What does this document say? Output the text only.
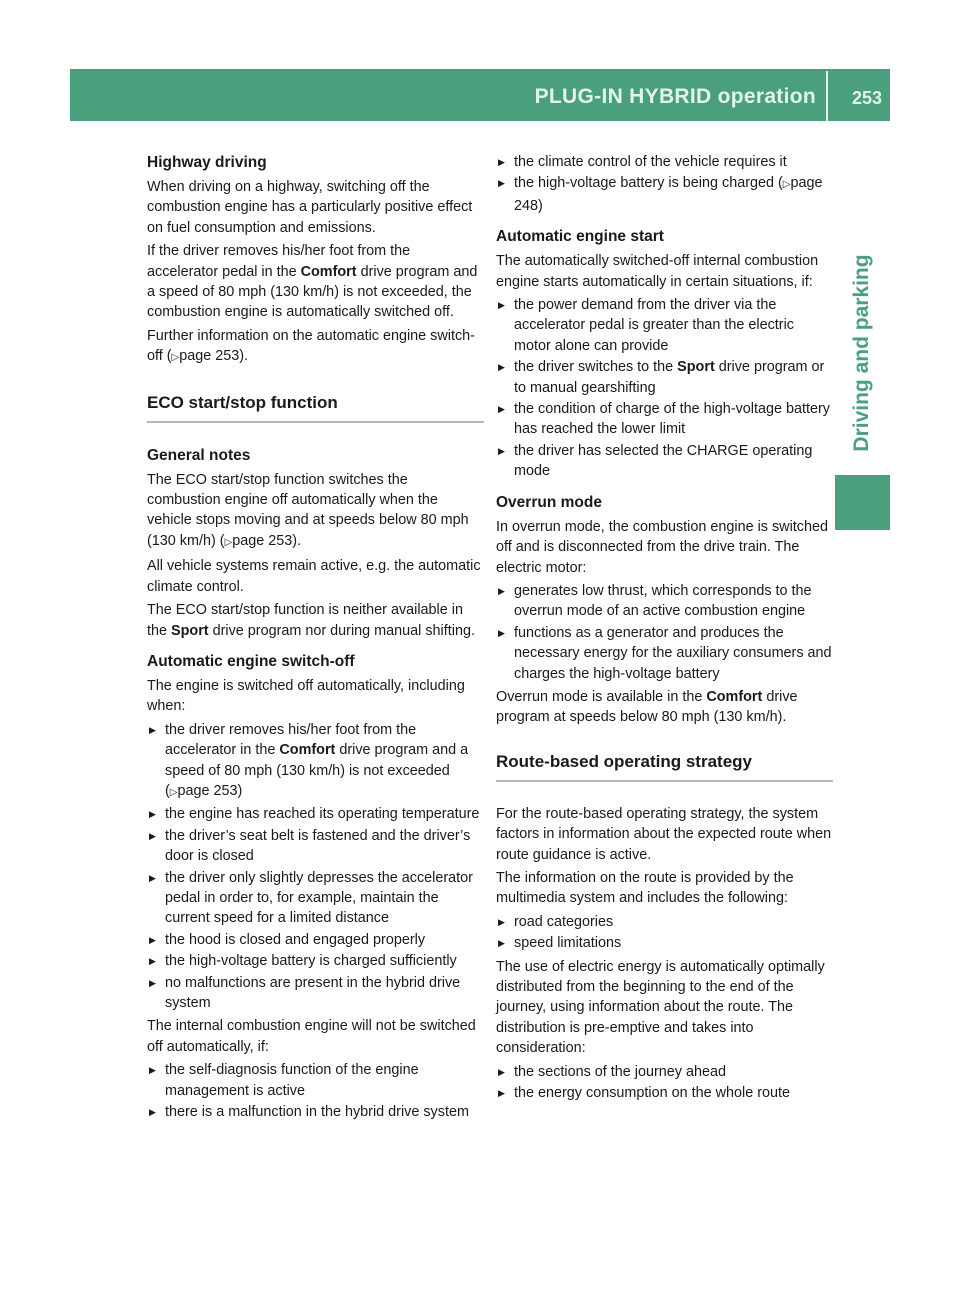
PLUG-IN HYBRID operation 253
Driving and parking
Highway driving

When driving on a highway, switching off the combustion engine has a particularly positive effect on fuel consumption and emissions.

If the driver removes his/her foot from the accelerator pedal in the Comfort drive program and a speed of 80 mph (130 km/h) is not exceeded, the combustion engine is automatically switched off.

Further information on the automatic engine switch-off (▷page 253).

ECO start/stop function
General notes

The ECO start/stop function switches the combustion engine off automatically when the vehicle stops moving and at speeds below 80 mph (130 km/h) (▷page 253).

All vehicle systems remain active, e.g. the automatic climate control.

The ECO start/stop function is neither available in the Sport drive program nor during manual shifting.

Automatic engine switch-off

The engine is switched off automatically, including when:

▶ the driver removes his/her foot from the accelerator in the Comfort drive program and a speed of 80 mph (130 km/h) is not exceeded (▷page 253)
▶ the engine has reached its operating temperature
▶ the driver’s seat belt is fastened and the driver’s door is closed
▶ the driver only slightly depresses the accelerator pedal in order to, for example, maintain the current speed for a limited distance
▶ the hood is closed and engaged properly
▶ the high-voltage battery is charged sufficiently
▶ no malfunctions are present in the hybrid drive system

The internal combustion engine will not be switched off automatically, if:

▶ the self-diagnosis function of the engine management is active
▶ there is a malfunction in the hybrid drive system
▶ the climate control of the vehicle requires it
▶ the high-voltage battery is being charged (▷page 248)
Automatic engine start

The automatically switched-off internal combustion engine starts automatically in certain situations, if:

▶ the power demand from the driver via the accelerator pedal is greater than the electric motor alone can provide
▶ the driver switches to the Sport drive program or to manual gearshifting
▶ the condition of charge of the high-voltage battery has reached the lower limit
▶ the driver has selected the CHARGE operating mode
Overrun mode

In overrun mode, the combustion engine is switched off and is disconnected from the drive train. The electric motor:

▶ generates low thrust, which corresponds to the overrun mode of an active combustion engine
▶ functions as a generator and produces the necessary energy for the auxiliary consumers and charges the high-voltage battery

Overrun mode is available in the Comfort drive program at speeds below 80 mph (130 km/h).

Route-based operating strategy

For the route-based operating strategy, the system factors in information about the expected route when route guidance is active.

The information on the route is provided by the multimedia system and includes the following:

▶ road categories
▶ speed limitations

The use of electric energy is automatically optimally distributed from the beginning to the end of the journey, using information about the route. The distribution is pre-emptive and takes into consideration:

▶ the sections of the journey ahead
▶ the energy consumption on the whole route
